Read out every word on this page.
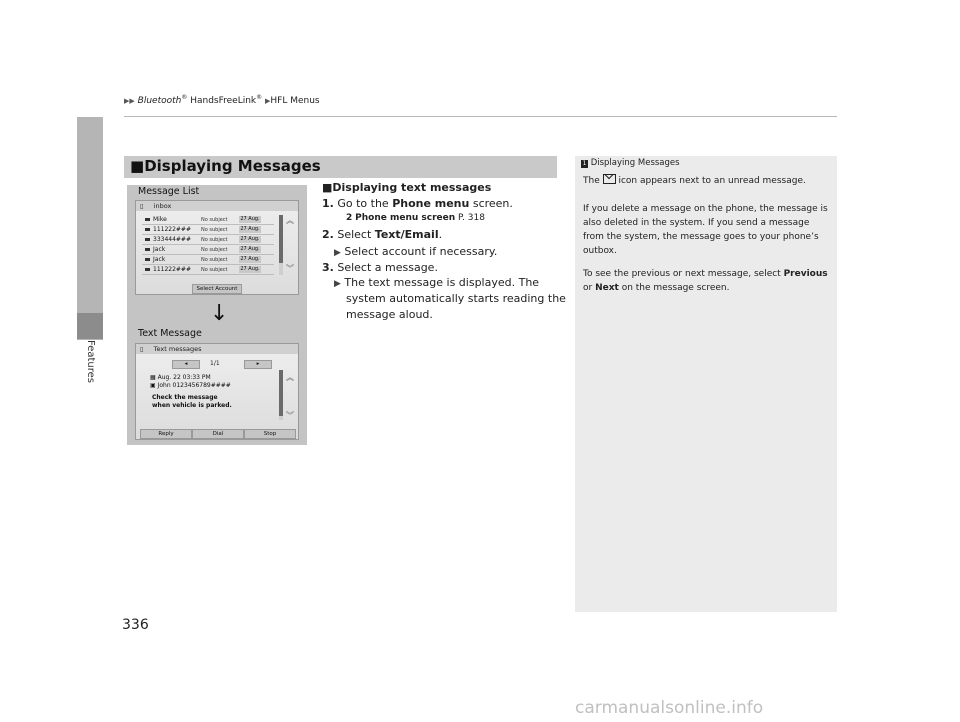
▶▶ Bluetooth® HandsFreeLink® ▶HFL Menus
Features
■Displaying Messages
Message List
▯ inbox
Mike	No subject	27 Aug.
111222### No subject	27 Aug.
333444### No subject	27 Aug.
Jack	No subject	27 Aug.
Jack	No subject	27 Aug.
111222### No subject	27 Aug.
︽
︾
Select Account
↓
Text Message
▯ Text messages
◂	1/1	▸
▦ Aug. 22 03:33 PM
▣ John 0123456789####
Check the message
when vehicle is parked.
︽
︾
Reply	Dial	Stop
■Displaying text messages
1. Go to the Phone menu screen.
2 Phone menu screen P. 318
2. Select Text/Email.
▶ Select account if necessary.
3. Select a message.
▶ The text message is displayed. The
system automatically starts reading the
message aloud.
1 Displaying Messages
The  icon appears next to an unread message.
If you delete a message on the phone, the message is
also deleted in the system. If you send a message
from the system, the message goes to your phone’s
outbox.
To see the previous or next message, select Previous
or Next on the message screen.
336
carmanualsonline.info
